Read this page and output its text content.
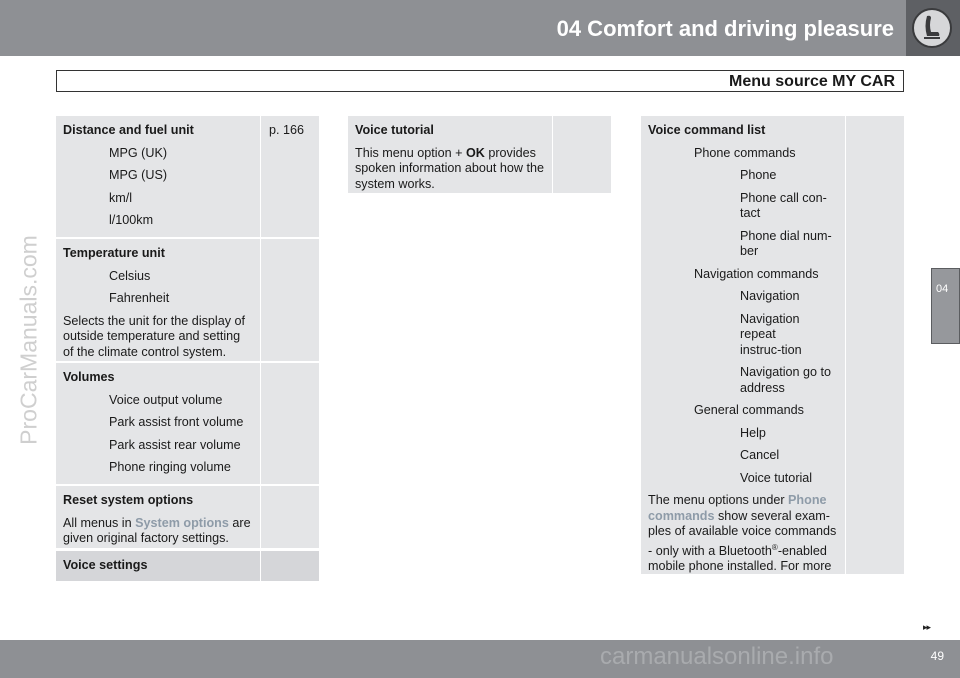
04 Comfort and driving pleasure
Menu source MY CAR
04
ProCarManuals.com
Distance and fuel unit
MPG (UK)
MPG (US)
km/l
l/100km
p. 166
Temperature unit
Celsius
Fahrenheit
Selects the unit for the display of outside temperature and setting of the climate control system.
Volumes
Voice output volume
Park assist front volume
Park assist rear volume
Phone ringing volume
Reset system options
All menus in System options are given original factory settings.
Voice settings
Voice tutorial
This menu option + OK provides spoken information about how the system works.
Voice command list
Phone commands
Phone
Phone call con-tact
Phone dial num-ber
Navigation commands
Navigation
Navigation repeat instruc-tion
Navigation go to address
General commands
Help
Cancel
Voice tutorial
The menu options under Phone commands show several exam-ples of available voice commands - only with a Bluetooth®-enabled mobile phone installed. For more
▸▸
carmanualsonline.info	49
